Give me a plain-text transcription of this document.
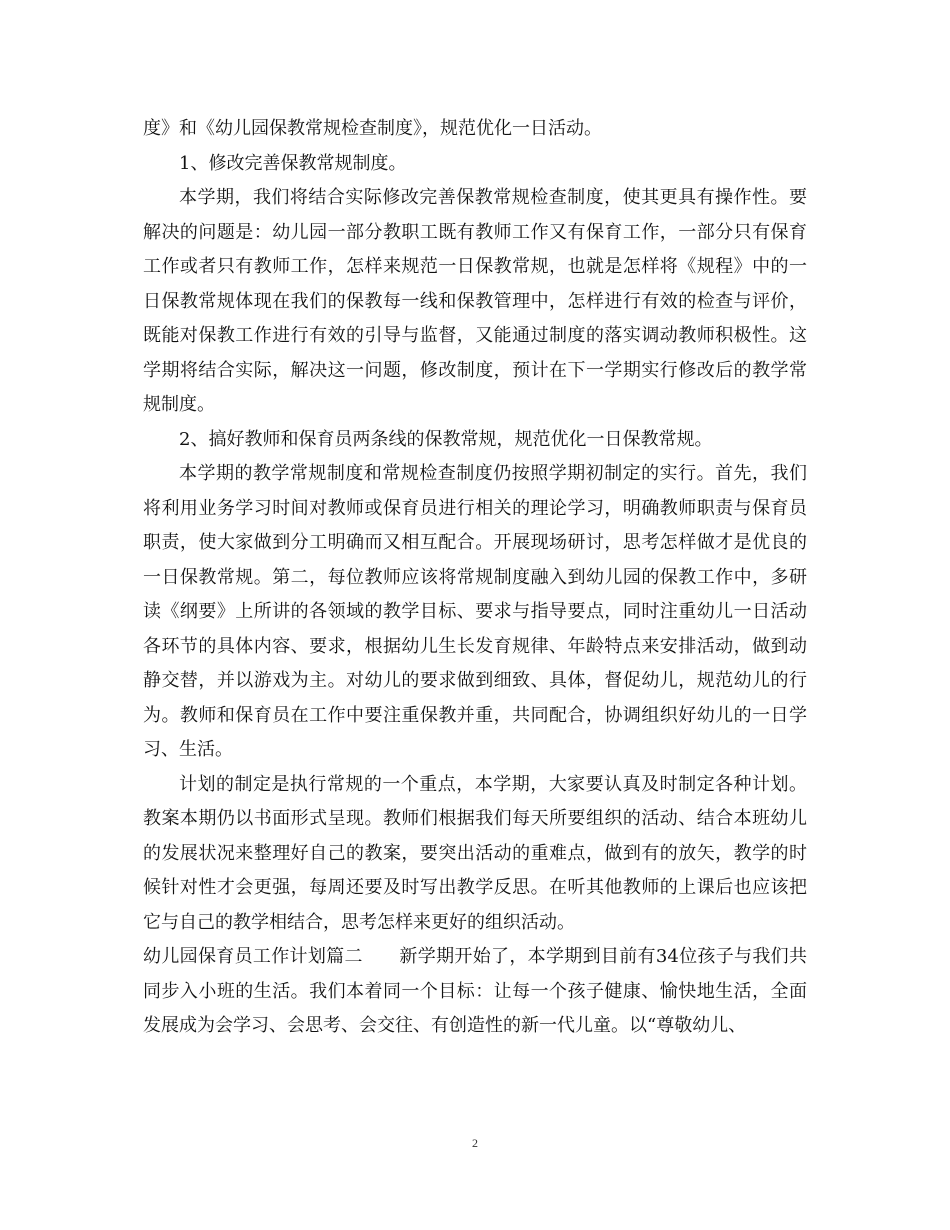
度》和《幼儿园保教常规检查制度》，规范优化一日活动。

1、修改完善保教常规制度。

本学期，我们将结合实际修改完善保教常规检查制度，使其更具有操作性。要解决的问题是：幼儿园一部分教职工既有教师工作又有保育工作，一部分只有保育工作或者只有教师工作，怎样来规范一日保教常规，也就是怎样将《规程》中的一日保教常规体现在我们的保教每一线和保教管理中，怎样进行有效的检查与评价，既能对保教工作进行有效的引导与监督，又能通过制度的落实调动教师积极性。这学期将结合实际，解决这一问题，修改制度，预计在下一学期实行修改后的教学常规制度。

2、搞好教师和保育员两条线的保教常规，规范优化一日保教常规。

本学期的教学常规制度和常规检查制度仍按照学期初制定的实行。首先，我们将利用业务学习时间对教师或保育员进行相关的理论学习，明确教师职责与保育员职责，使大家做到分工明确而又相互配合。开展现场研讨，思考怎样做才是优良的一日保教常规。第二，每位教师应该将常规制度融入到幼儿园的保教工作中，多研读《纲要》上所讲的各领域的教学目标、要求与指导要点，同时注重幼儿一日活动各环节的具体内容、要求，根据幼儿生长发育规律、年龄特点来安排活动，做到动静交替，并以游戏为主。对幼儿的要求做到细致、具体，督促幼儿，规范幼儿的行为。教师和保育员在工作中要注重保教并重，共同配合，协调组织好幼儿的一日学习、生活。

计划的制定是执行常规的一个重点，本学期，大家要认真及时制定各种计划。教案本期仍以书面形式呈现。教师们根据我们每天所要组织的活动、结合本班幼儿的发展状况来整理好自己的教案，要突出活动的重难点，做到有的放矢，教学的时候针对性才会更强，每周还要及时写出教学反思。在听其他教师的上课后也应该把它与自己的教学相结合，思考怎样来更好的组织活动。

幼儿园保育员工作计划篇二　　新学期开始了，本学期到目前有34位孩子与我们共同步入小班的生活。我们本着同一个目标：让每一个孩子健康、愉快地生活，全面发展成为会学习、会思考、会交往、有创造性的新一代儿童。以“尊敬幼儿、

2
